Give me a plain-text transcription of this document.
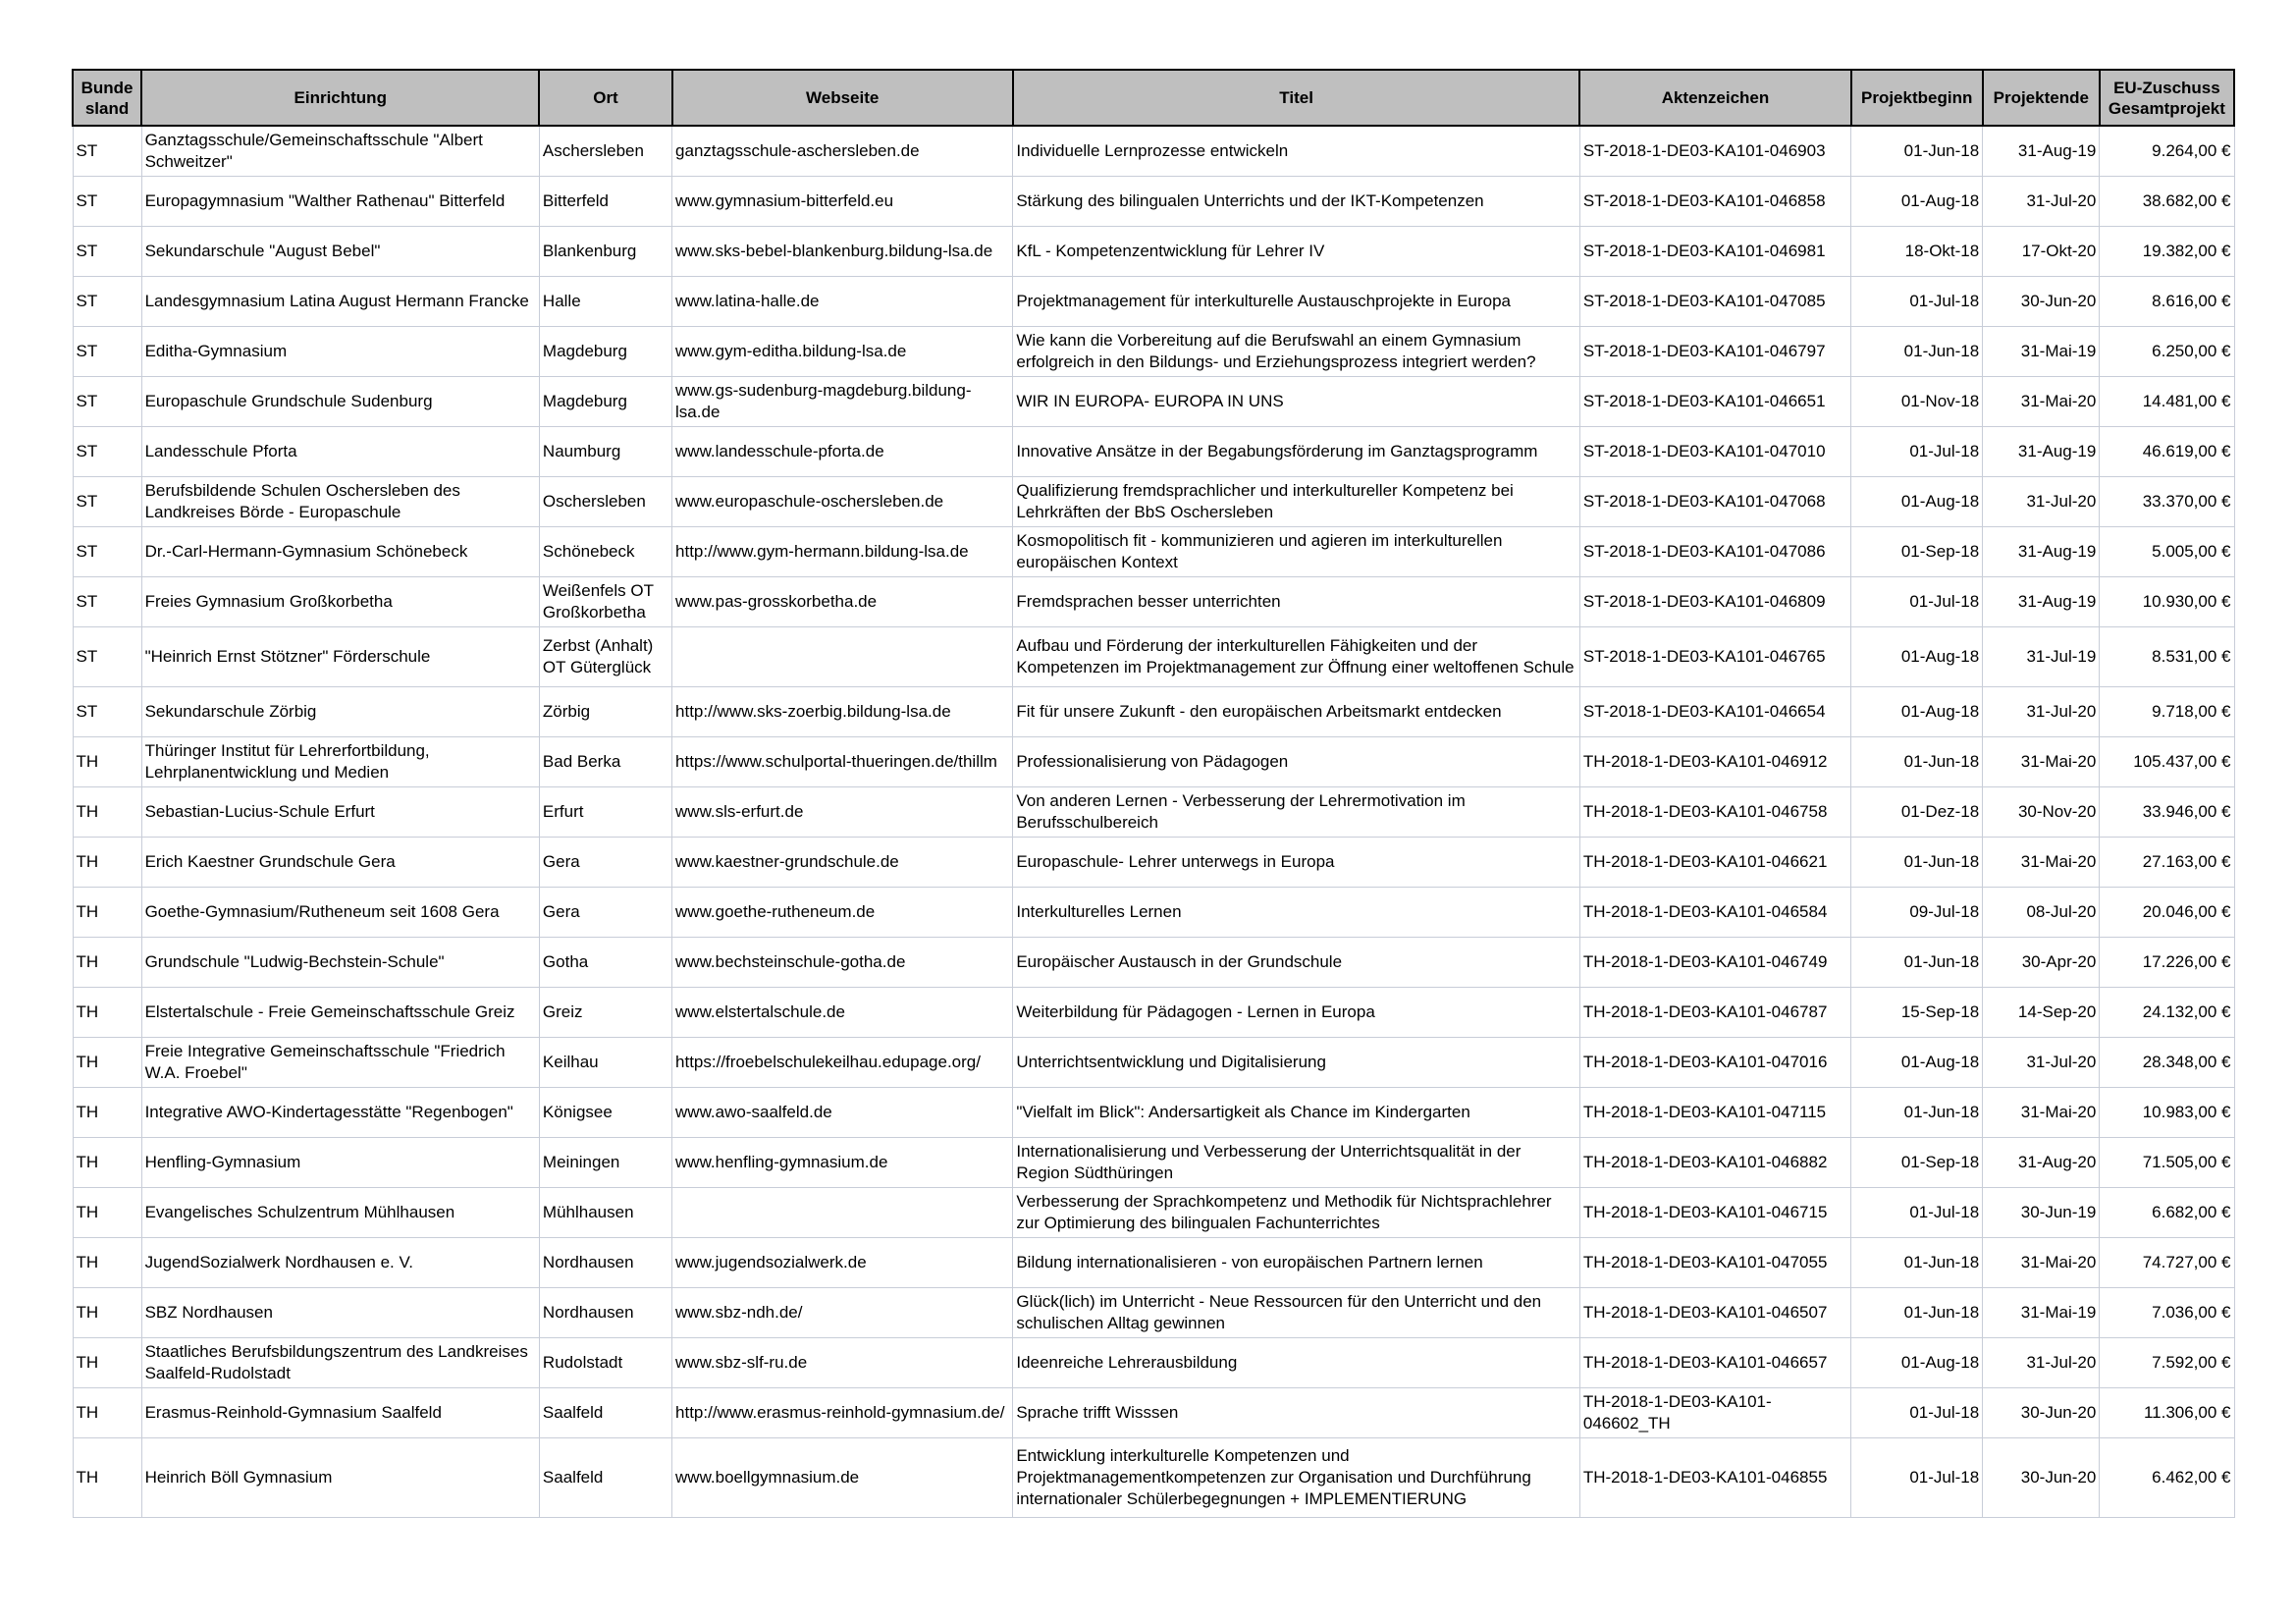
Bunde sland	Einrichtung	Ort	Webseite	Titel	Aktenzeichen	Projektbeginn	Projektende	EU-Zuschuss Gesamtprojekt
ST	Ganztagsschule/Gemeinschaftsschule "Albert Schweitzer"	Aschersleben	ganztagsschule-aschersleben.de	Individuelle Lernprozesse entwickeln	ST-2018-1-DE03-KA101-046903	01-Jun-18	31-Aug-19	9.264,00 €
ST	Europagymnasium "Walther Rathenau" Bitterfeld	Bitterfeld	www.gymnasium-bitterfeld.eu	Stärkung des bilingualen Unterrichts und der IKT-Kompetenzen	ST-2018-1-DE03-KA101-046858	01-Aug-18	31-Jul-20	38.682,00 €
ST	Sekundarschule "August Bebel"	Blankenburg	www.sks-bebel-blankenburg.bildung-lsa.de	KfL - Kompetenzentwicklung für Lehrer IV	ST-2018-1-DE03-KA101-046981	18-Okt-18	17-Okt-20	19.382,00 €
ST	Landesgymnasium Latina August Hermann Francke	Halle	www.latina-halle.de	Projektmanagement für interkulturelle Austauschprojekte in Europa	ST-2018-1-DE03-KA101-047085	01-Jul-18	30-Jun-20	8.616,00 €
ST	Editha-Gymnasium	Magdeburg	www.gym-editha.bildung-lsa.de	Wie kann die Vorbereitung auf die Berufswahl an einem Gymnasium erfolgreich in den Bildungs- und Erziehungsprozess integriert werden?	ST-2018-1-DE03-KA101-046797	01-Jun-18	31-Mai-19	6.250,00 €
ST	Europaschule Grundschule Sudenburg	Magdeburg	www.gs-sudenburg-magdeburg.bildung-lsa.de	WIR IN EUROPA- EUROPA IN UNS	ST-2018-1-DE03-KA101-046651	01-Nov-18	31-Mai-20	14.481,00 €
ST	Landesschule Pforta	Naumburg	www.landesschule-pforta.de	Innovative Ansätze in der Begabungsförderung im Ganztagsprogramm	ST-2018-1-DE03-KA101-047010	01-Jul-18	31-Aug-19	46.619,00 €
ST	Berufsbildende Schulen Oschersleben des Landkreises Börde - Europaschule	Oschersleben	www.europaschule-oschersleben.de	Qualifizierung fremdsprachlicher und interkultureller Kompetenz bei Lehrkräften der BbS Oschersleben	ST-2018-1-DE03-KA101-047068	01-Aug-18	31-Jul-20	33.370,00 €
ST	Dr.-Carl-Hermann-Gymnasium Schönebeck	Schönebeck	http://www.gym-hermann.bildung-lsa.de	Kosmopolitisch fit - kommunizieren und agieren im interkulturellen europäischen Kontext	ST-2018-1-DE03-KA101-047086	01-Sep-18	31-Aug-19	5.005,00 €
ST	Freies Gymnasium Großkorbetha	Weißenfels OT Großkorbetha	www.pas-grosskorbetha.de	Fremdsprachen besser unterrichten	ST-2018-1-DE03-KA101-046809	01-Jul-18	31-Aug-19	10.930,00 €
ST	"Heinrich Ernst Stötzner" Förderschule	Zerbst (Anhalt) OT Güterglück		Aufbau und Förderung der interkulturellen Fähigkeiten und der Kompetenzen im Projektmanagement zur Öffnung einer weltoffenen Schule	ST-2018-1-DE03-KA101-046765	01-Aug-18	31-Jul-19	8.531,00 €
ST	Sekundarschule Zörbig	Zörbig	http://www.sks-zoerbig.bildung-lsa.de	Fit für unsere Zukunft - den europäischen Arbeitsmarkt entdecken	ST-2018-1-DE03-KA101-046654	01-Aug-18	31-Jul-20	9.718,00 €
TH	Thüringer Institut für Lehrerfortbildung, Lehrplanentwicklung und Medien	Bad Berka	https://www.schulportal-thueringen.de/thillm	Professionalisierung von Pädagogen	TH-2018-1-DE03-KA101-046912	01-Jun-18	31-Mai-20	105.437,00 €
TH	Sebastian-Lucius-Schule Erfurt	Erfurt	www.sls-erfurt.de	Von anderen Lernen - Verbesserung der Lehrermotivation im Berufsschulbereich	TH-2018-1-DE03-KA101-046758	01-Dez-18	30-Nov-20	33.946,00 €
TH	Erich Kaestner Grundschule Gera	Gera	www.kaestner-grundschule.de	Europaschule- Lehrer unterwegs in Europa	TH-2018-1-DE03-KA101-046621	01-Jun-18	31-Mai-20	27.163,00 €
TH	Goethe-Gymnasium/Rutheneum seit 1608 Gera	Gera	www.goethe-rutheneum.de	Interkulturelles Lernen	TH-2018-1-DE03-KA101-046584	09-Jul-18	08-Jul-20	20.046,00 €
TH	Grundschule "Ludwig-Bechstein-Schule"	Gotha	www.bechsteinschule-gotha.de	Europäischer Austausch in der Grundschule	TH-2018-1-DE03-KA101-046749	01-Jun-18	30-Apr-20	17.226,00 €
TH	Elstertalschule - Freie Gemeinschaftsschule Greiz	Greiz	www.elstertalschule.de	Weiterbildung für Pädagogen - Lernen in Europa	TH-2018-1-DE03-KA101-046787	15-Sep-18	14-Sep-20	24.132,00 €
TH	Freie Integrative Gemeinschaftsschule "Friedrich W.A. Froebel"	Keilhau	https://froebelschulekeilhau.edupage.org/	Unterrichtsentwicklung und Digitalisierung	TH-2018-1-DE03-KA101-047016	01-Aug-18	31-Jul-20	28.348,00 €
TH	Integrative AWO-Kindertagesstätte "Regenbogen"	Königsee	www.awo-saalfeld.de	"Vielfalt im Blick": Andersartigkeit als Chance im Kindergarten	TH-2018-1-DE03-KA101-047115	01-Jun-18	31-Mai-20	10.983,00 €
TH	Henfling-Gymnasium	Meiningen	www.henfling-gymnasium.de	Internationalisierung und Verbesserung der Unterrichtsqualität in der Region Südthüringen	TH-2018-1-DE03-KA101-046882	01-Sep-18	31-Aug-20	71.505,00 €
TH	Evangelisches Schulzentrum Mühlhausen	Mühlhausen		Verbesserung der Sprachkompetenz und Methodik für Nichtsprachlehrer zur Optimierung des bilingualen Fachunterrichtes	TH-2018-1-DE03-KA101-046715	01-Jul-18	30-Jun-19	6.682,00 €
TH	JugendSozialwerk Nordhausen e. V.	Nordhausen	www.jugendsozialwerk.de	Bildung internationalisieren - von europäischen Partnern lernen	TH-2018-1-DE03-KA101-047055	01-Jun-18	31-Mai-20	74.727,00 €
TH	SBZ Nordhausen	Nordhausen	www.sbz-ndh.de/	Glück(lich) im Unterricht - Neue Ressourcen für den Unterricht und den schulischen Alltag gewinnen	TH-2018-1-DE03-KA101-046507	01-Jun-18	31-Mai-19	7.036,00 €
TH	Staatliches Berufsbildungszentrum des Landkreises Saalfeld-Rudolstadt	Rudolstadt	www.sbz-slf-ru.de	Ideenreiche Lehrerausbildung	TH-2018-1-DE03-KA101-046657	01-Aug-18	31-Jul-20	7.592,00 €
TH	Erasmus-Reinhold-Gymnasium Saalfeld	Saalfeld	http://www.erasmus-reinhold-gymnasium.de/	Sprache trifft Wisssen	TH-2018-1-DE03-KA101-046602_TH	01-Jul-18	30-Jun-20	11.306,00 €
TH	Heinrich Böll Gymnasium	Saalfeld	www.boellgymnasium.de	Entwicklung interkulturelle Kompetenzen und Projektmanagementkompetenzen zur Organisation und Durchführung internationaler Schülerbegegnungen + IMPLEMENTIERUNG	TH-2018-1-DE03-KA101-046855	01-Jul-18	30-Jun-20	6.462,00 €
